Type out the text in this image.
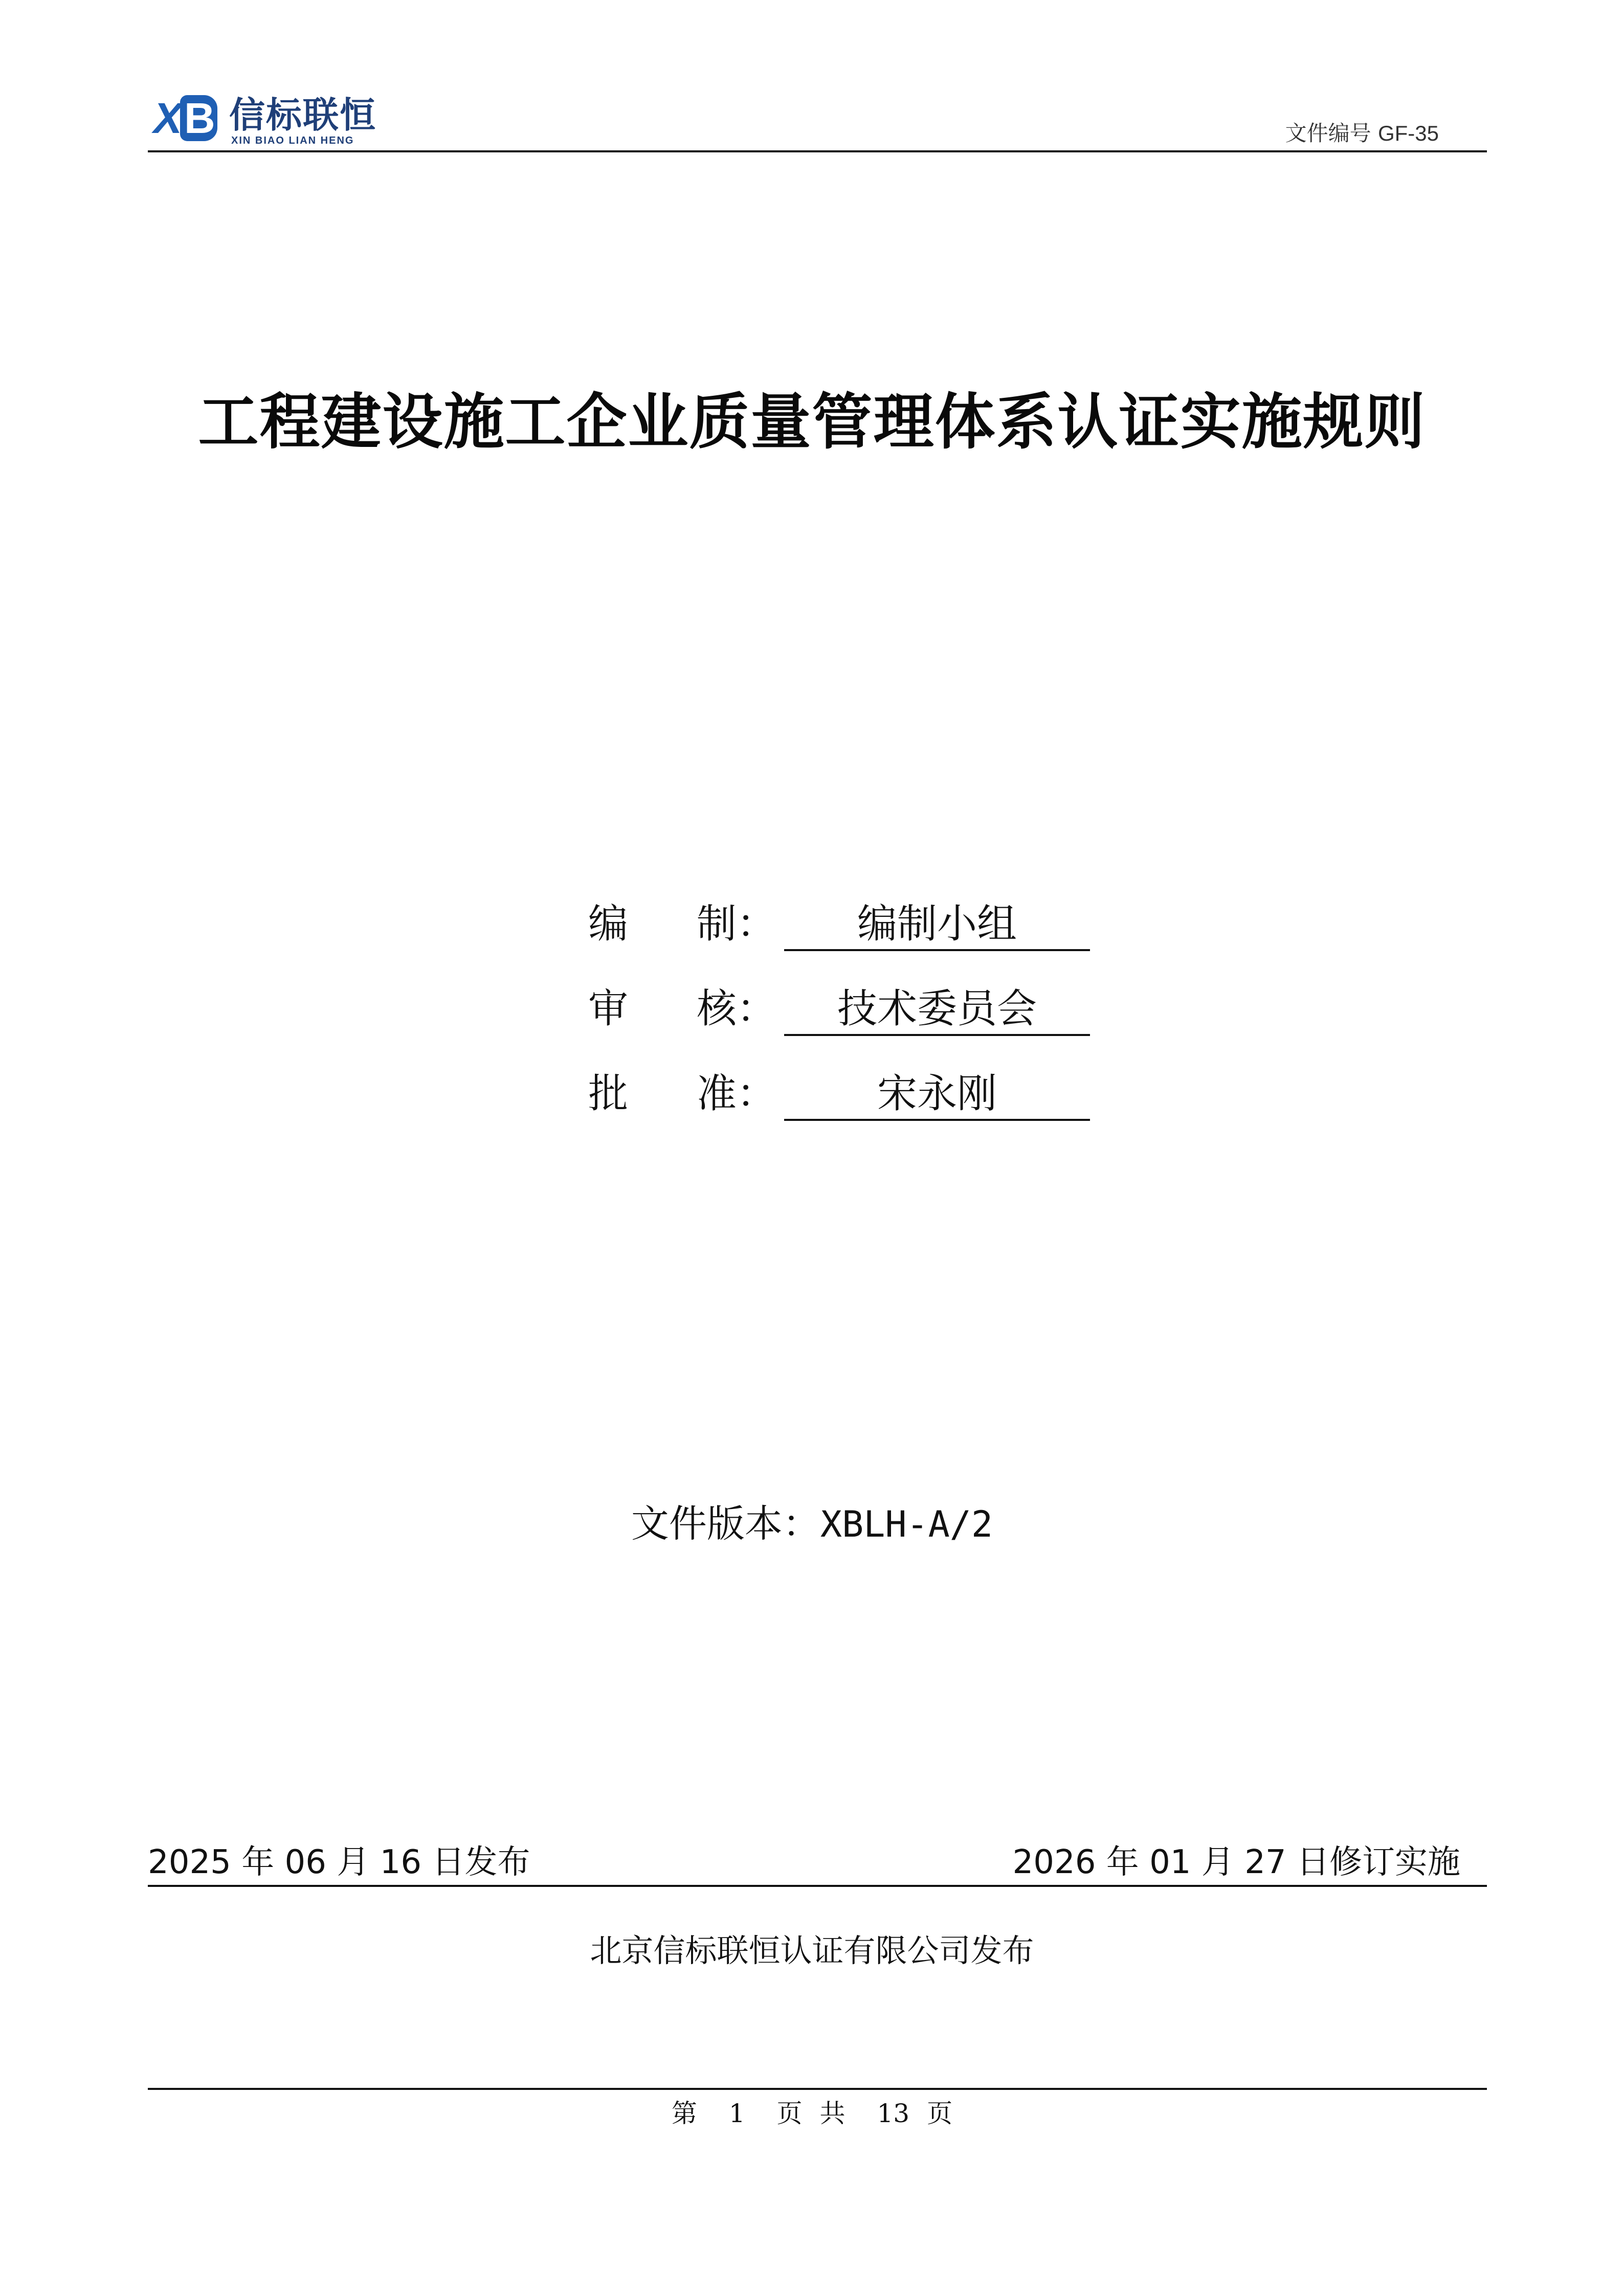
X B 信标联恒
XIN BIAO LIAN HENG	文件编号 GF-35
工程建设施工企业质量管理体系认证实施规则
编 制：	编制小组
审 核：	技术委员会
批 准：	宋永刚
文件版本：XBLH-A/2
2025 年 06 月 16 日发布	2026 年 01 月 27 日修订实施
北京信标联恒认证有限公司发布
第 1 页 共 13 页
